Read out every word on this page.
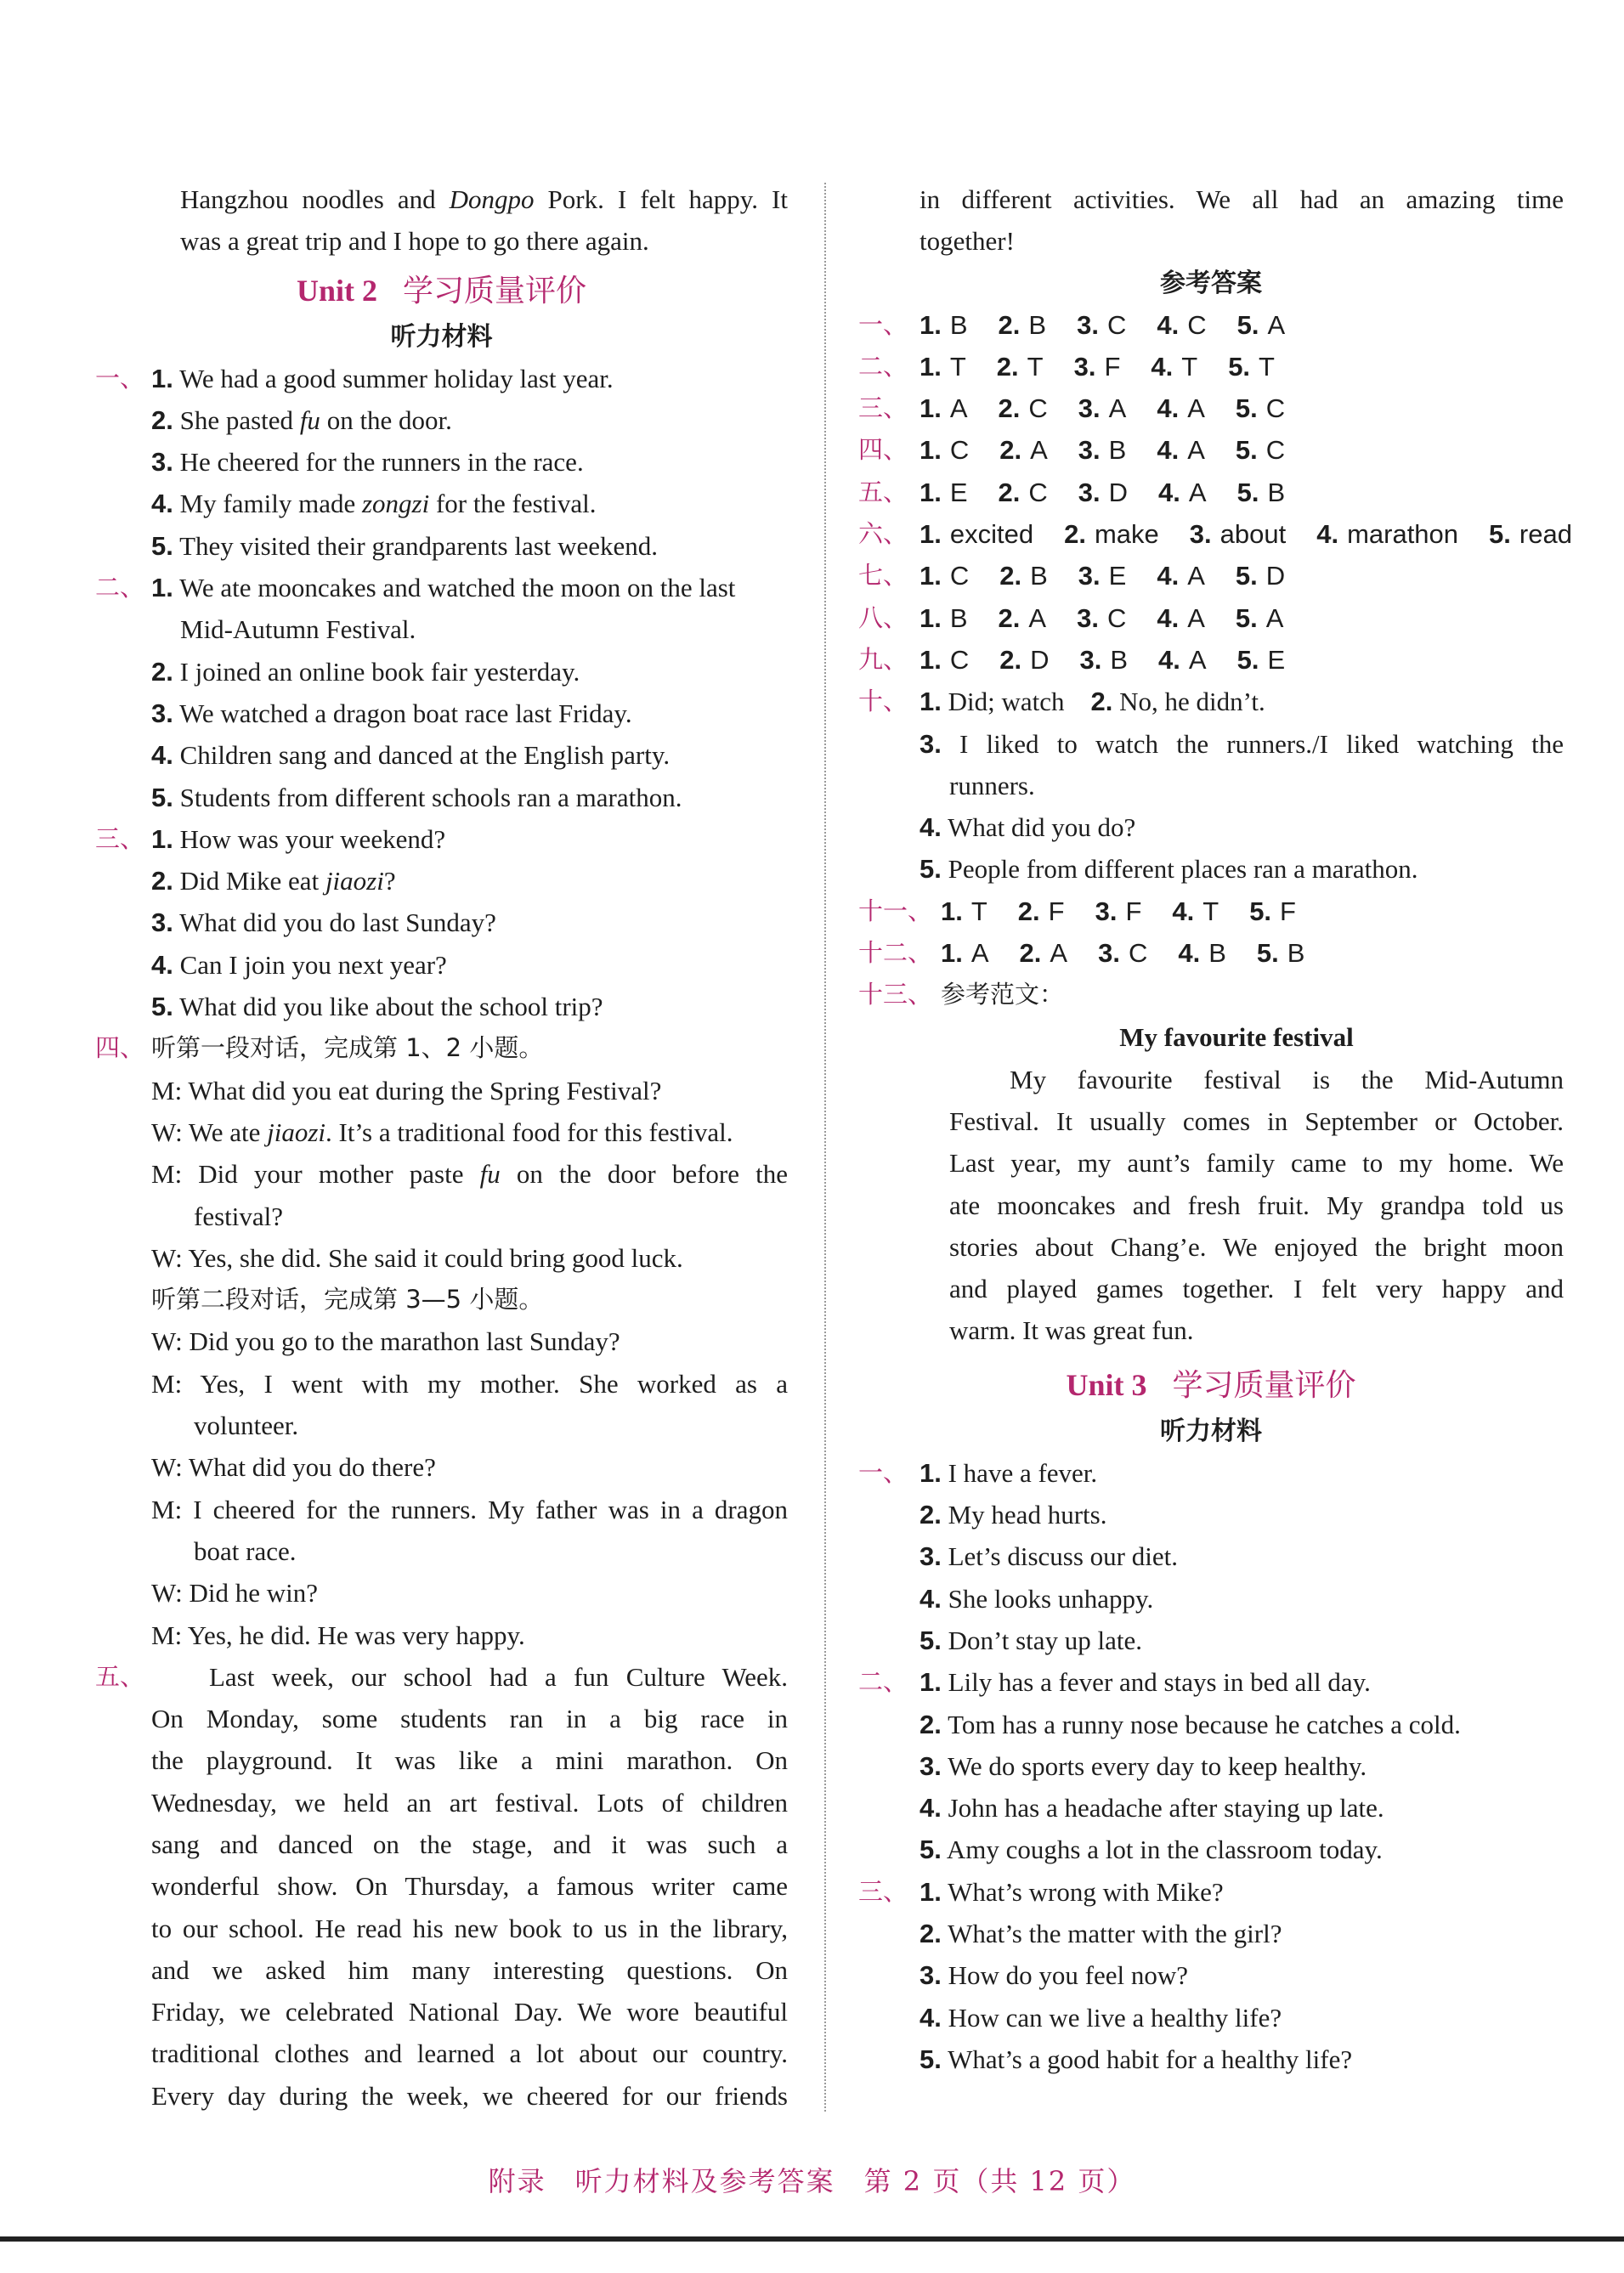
Hangzhou noodles and Dongpo Pork. I felt happy. It
was a great trip and I hope to go there again.
Unit 2 学习质量评价
听力材料
一、 1. We had a good summer holiday last year.
2. She pasted fu on the door.
3. He cheered for the runners in the race.
4. My family made zongzi for the festival.
5. They visited their grandparents last weekend.
二、 1. We ate mooncakes and watched the moon on the last
Mid-Autumn Festival.
2. I joined an online book fair yesterday.
3. We watched a dragon boat race last Friday.
4. Children sang and danced at the English party.
5. Students from different schools ran a marathon.
三、 1. How was your weekend?
2. Did Mike eat jiaozi?
3. What did you do last Sunday?
4. Can I join you next year?
5. What did you like about the school trip?
四、 听第一段对话，完成第 1、2 小题。
M: What did you eat during the Spring Festival?
W: We ate jiaozi. It’s a traditional food for this festival.
M: Did your mother paste fu on the door before the
festival?
W: Yes, she did. She said it could bring good luck.
听第二段对话，完成第 3—5 小题。
W: Did you go to the marathon last Sunday?
M: Yes, I went with my mother. She worked as a
volunteer.
W: What did you do there?
M: I cheered for the runners. My father was in a dragon
boat race.
W: Did he win?
M: Yes, he did. He was very happy.
五、 Last week, our school had a fun Culture Week.
On Monday, some students ran in a big race in
the playground. It was like a mini marathon. On
Wednesday, we held an art festival. Lots of children
sang and danced on the stage, and it was such a
wonderful show. On Thursday, a famous writer came
to our school. He read his new book to us in the library,
and we asked him many interesting questions. On
Friday, we celebrated National Day. We wore beautiful
traditional clothes and learned a lot about our country.
Every day during the week, we cheered for our friends
in different activities. We all had an amazing time
together!
参考答案
一、 1. B 2. B 3. C 4. C 5. A
二、 1. T 2. T 3. F 4. T 5. T
三、 1. A 2. C 3. A 4. A 5. C
四、 1. C 2. A 3. B 4. A 5. C
五、 1. E 2. C 3. D 4. A 5. B
六、 1. excited 2. make 3. about 4. marathon 5. read
七、 1. C 2. B 3. E 4. A 5. D
八、 1. B 2. A 3. C 4. A 5. A
九、 1. C 2. D 3. B 4. A 5. E
十、 1. Did; watch 2. No, he didn’t.
3. I liked to watch the runners./I liked watching the
runners.
4. What did you do?
5. People from different places ran a marathon.
十一、 1. T 2. F 3. F 4. T 5. F
十二、 1. A 2. A 3. C 4. B 5. B
十三、 参考范文：
My favourite festival
My favourite festival is the Mid-Autumn
Festival. It usually comes in September or October.
Last year, my aunt’s family came to my home. We
ate mooncakes and fresh fruit. My grandpa told us
stories about Chang’e. We enjoyed the bright moon
and played games together. I felt very happy and
warm. It was great fun.
Unit 3 学习质量评价
听力材料
一、 1. I have a fever.
2. My head hurts.
3. Let’s discuss our diet.
4. She looks unhappy.
5. Don’t stay up late.
二、 1. Lily has a fever and stays in bed all day.
2. Tom has a runny nose because he catches a cold.
3. We do sports every day to keep healthy.
4. John has a headache after staying up late.
5. Amy coughs a lot in the classroom today.
三、 1. What’s wrong with Mike?
2. What’s the matter with the girl?
3. How do you feel now?
4. How can we live a healthy life?
5. What’s a good habit for a healthy life?
附录　听力材料及参考答案　第 2 页（共 12 页）
